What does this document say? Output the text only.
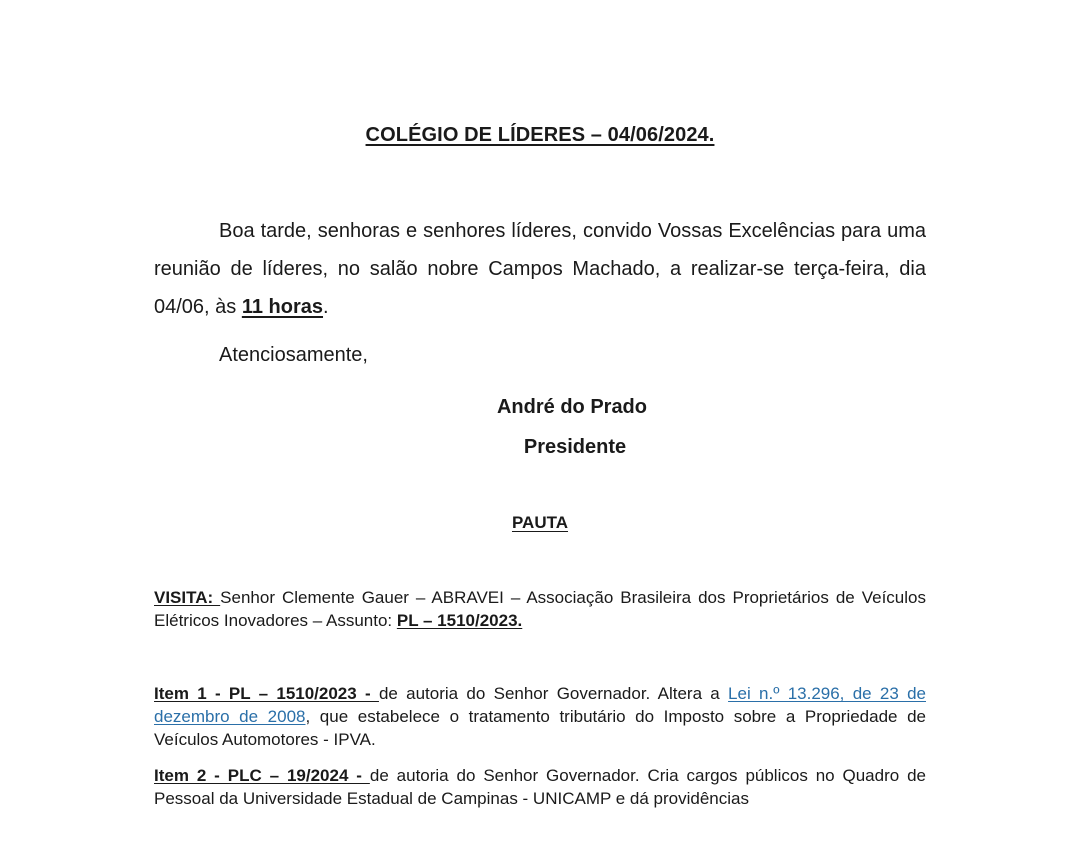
COLÉGIO DE LÍDERES – 04/06/2024.

Boa tarde, senhoras e senhores líderes, convido Vossas Excelências para uma reunião de líderes, no salão nobre Campos Machado, a realizar-se terça-feira, dia 04/06, às 11 horas.

Atenciosamente,

André do Prado
Presidente
PAUTA

VISITA: Senhor Clemente Gauer – ABRAVEI – Associação Brasileira dos Proprietários de Veículos Elétricos Inovadores – Assunto: PL – 1510/2023.

Item 1 - PL – 1510/2023 - de autoria do Senhor Governador. Altera a Lei n.º 13.296, de 23 de dezembro de 2008, que estabelece o tratamento tributário do Imposto sobre a Propriedade de Veículos Automotores - IPVA.

Item 2 - PLC – 19/2024 - de autoria do Senhor Governador. Cria cargos públicos no Quadro de Pessoal da Universidade Estadual de Campinas - UNICAMP e dá providências
